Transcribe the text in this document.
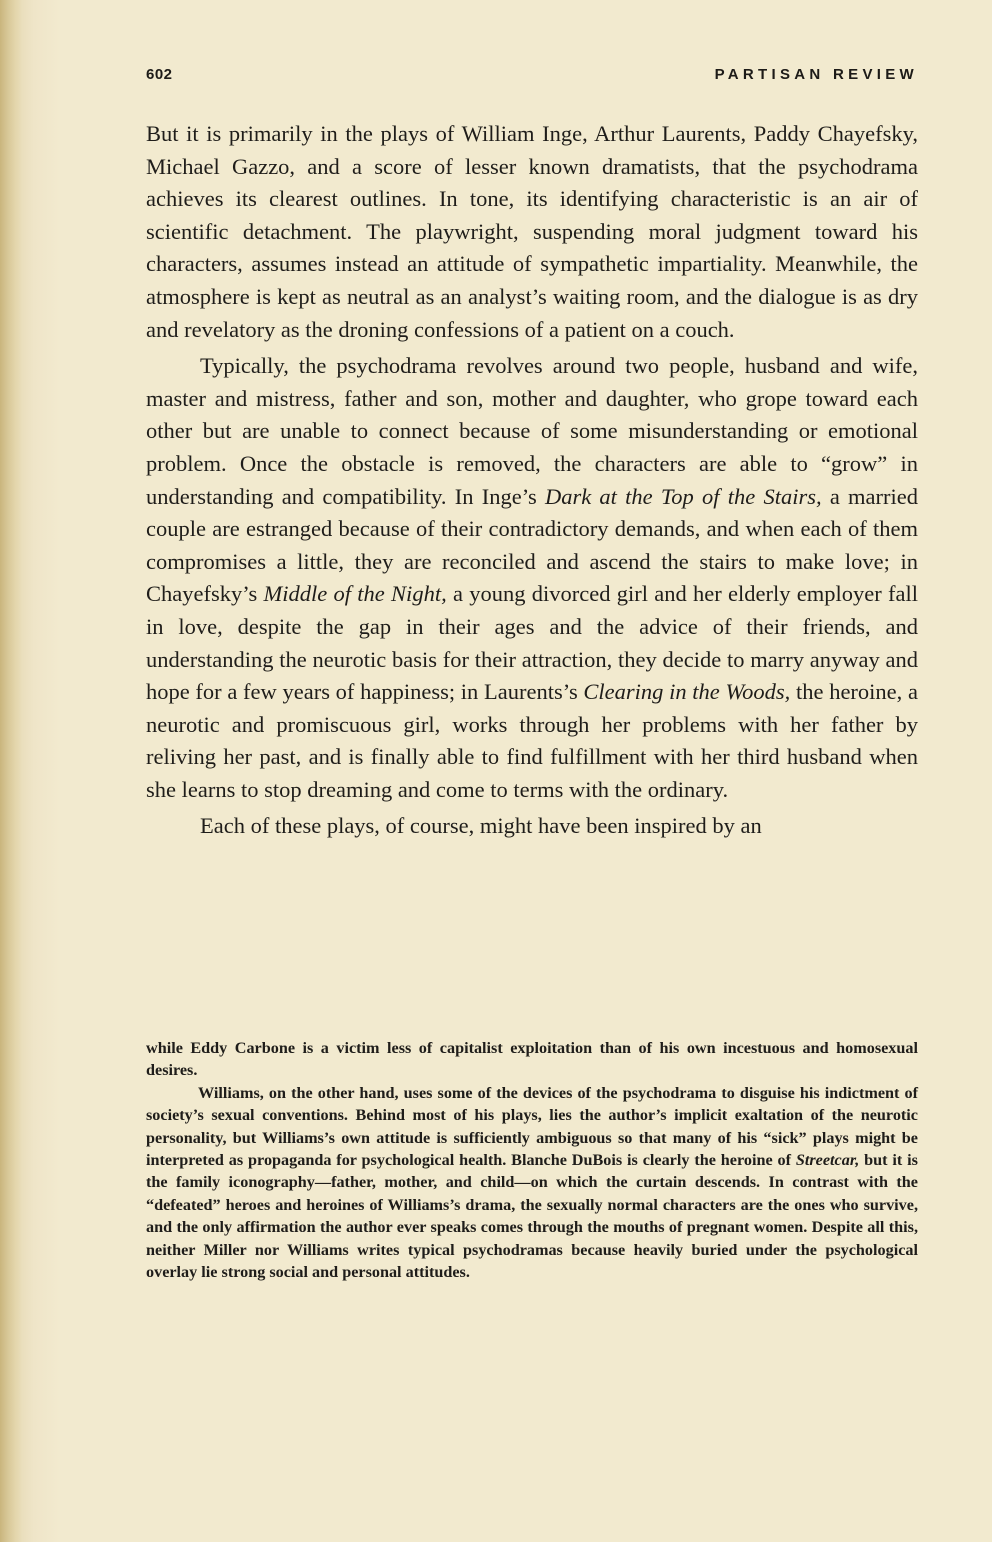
602	PARTISAN REVIEW

But it is primarily in the plays of William Inge, Arthur Laurents, Paddy Chayefsky, Michael Gazzo, and a score of lesser known dramatists, that the psychodrama achieves its clearest outlines. In tone, its identifying characteristic is an air of scientific detachment. The playwright, suspending moral judgment toward his characters, assumes instead an attitude of sympathetic impartiality. Meanwhile, the atmosphere is kept as neutral as an analyst’s waiting room, and the dialogue is as dry and revelatory as the droning confessions of a patient on a couch.

Typically, the psychodrama revolves around two people, husband and wife, master and mistress, father and son, mother and daughter, who grope toward each other but are unable to connect because of some misunderstanding or emotional problem. Once the obstacle is removed, the characters are able to “grow” in understanding and compatibility. In Inge’s Dark at the Top of the Stairs, a married couple are estranged because of their contradictory demands, and when each of them compromises a little, they are reconciled and ascend the stairs to make love; in Chayefsky’s Middle of the Night, a young divorced girl and her elderly employer fall in love, despite the gap in their ages and the advice of their friends, and understanding the neurotic basis for their attraction, they decide to marry anyway and hope for a few years of happiness; in Laurents’s Clearing in the Woods, the heroine, a neurotic and promiscuous girl, works through her problems with her father by reliving her past, and is finally able to find fulfillment with her third husband when she learns to stop dreaming and come to terms with the ordinary.

Each of these plays, of course, might have been inspired by an

while Eddy Carbone is a victim less of capitalist exploitation than of his own incestuous and homosexual desires.

Williams, on the other hand, uses some of the devices of the psychodrama to disguise his indictment of society’s sexual conventions. Behind most of his plays, lies the author’s implicit exaltation of the neurotic personality, but Williams’s own attitude is sufficiently ambiguous so that many of his “sick” plays might be interpreted as propaganda for psychological health. Blanche DuBois is clearly the heroine of Streetcar, but it is the family iconography—father, mother, and child—on which the curtain descends. In contrast with the “defeated” heroes and heroines of Williams’s drama, the sexually normal characters are the ones who survive, and the only affirmation the author ever speaks comes through the mouths of pregnant women. Despite all this, neither Miller nor Williams writes typical psychodramas because heavily buried under the psychological overlay lie strong social and personal attitudes.
